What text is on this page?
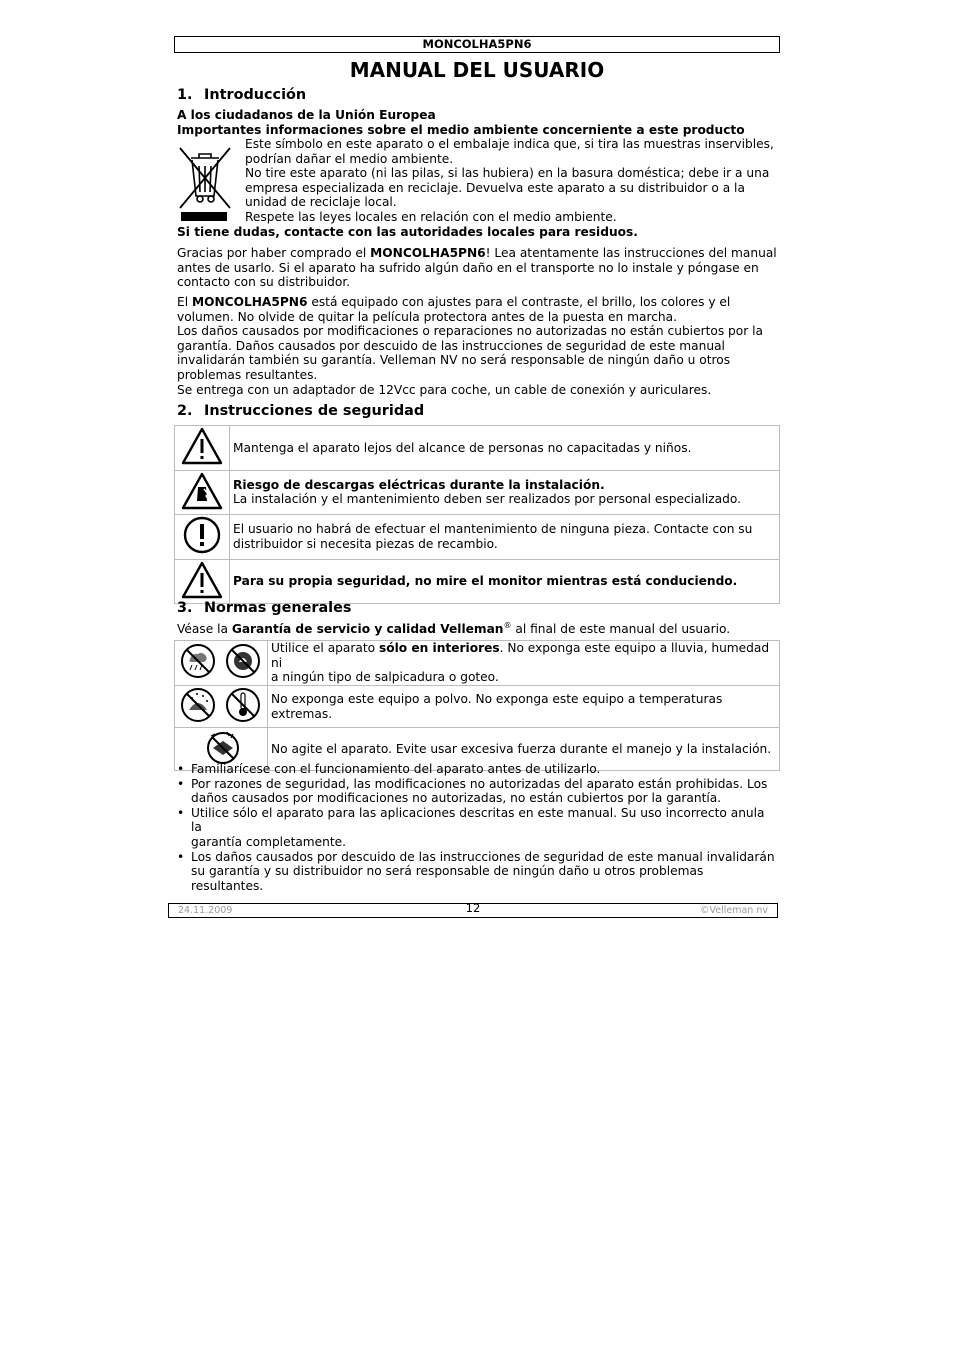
MONCOLHA5PN6
MANUAL DEL USUARIO
1. Introducción
A los ciudadanos de la Unión Europea
Importantes informaciones sobre el medio ambiente concerniente a este producto
Este símbolo en este aparato o el embalaje indica que, si tira las muestras inservibles,
podrían dañar el medio ambiente.
No tire este aparato (ni las pilas, si las hubiera) en la basura doméstica; debe ir a una
empresa especializada en reciclaje. Devuelva este aparato a su distribuidor o a la
unidad de reciclaje local.
Respete las leyes locales en relación con el medio ambiente.
Si tiene dudas, contacte con las autoridades locales para residuos.
Gracias por haber comprado el MONCOLHA5PN6! Lea atentamente las instrucciones del manual
antes de usarlo. Si el aparato ha sufrido algún daño en el transporte no lo instale y póngase en
contacto con su distribuidor.
El MONCOLHA5PN6 está equipado con ajustes para el contraste, el brillo, los colores y el
volumen. No olvide de quitar la película protectora antes de la puesta en marcha.
Los daños causados por modificaciones o reparaciones no autorizadas no están cubiertos por la
garantía. Daños causados por descuido de las instrucciones de seguridad de este manual
invalidarán también su garantía. Velleman NV no será responsable de ningún daño u otros
problemas resultantes.
Se entrega con un adaptador de 12Vcc para coche, un cable de conexión y auriculares.
2. Instrucciones de seguridad
	Mantenga el aparato lejos del alcance de personas no capacitadas y niños.

Riesgo de descargas eléctricas durante la instalación.
La instalación y el mantenimiento deben ser realizados por personal especializado.

El usuario no habrá de efectuar el mantenimiento de ninguna pieza. Contacte con su
distribuidor si necesita piezas de recambio.

	Para su propia seguridad, no mire el monitor mientras está conduciendo.
3. Normas generales
Véase la Garantía de servicio y calidad Velleman® al final de este manual del usuario.

Utilice el aparato sólo en interiores. No exponga este equipo a lluvia, humedad ni
a ningún tipo de salpicadura o goteo.

No exponga este equipo a polvo. No exponga este equipo a temperaturas
extremas.

	No agite el aparato. Evite usar excesiva fuerza durante el manejo y la instalación.
• Familiarícese con el funcionamiento del aparato antes de utilizarlo.
• Por razones de seguridad, las modificaciones no autorizadas del aparato están prohibidas. Los
daños causados por modificaciones no autorizadas, no están cubiertos por la garantía.
• Utilice sólo el aparato para las aplicaciones descritas en este manual. Su uso incorrecto anula la
garantía completamente.
• Los daños causados por descuido de las instrucciones de seguridad de este manual invalidarán
su garantía y su distribuidor no será responsable de ningún daño u otros problemas resultantes.
24.11.2009	12	©Velleman nv
